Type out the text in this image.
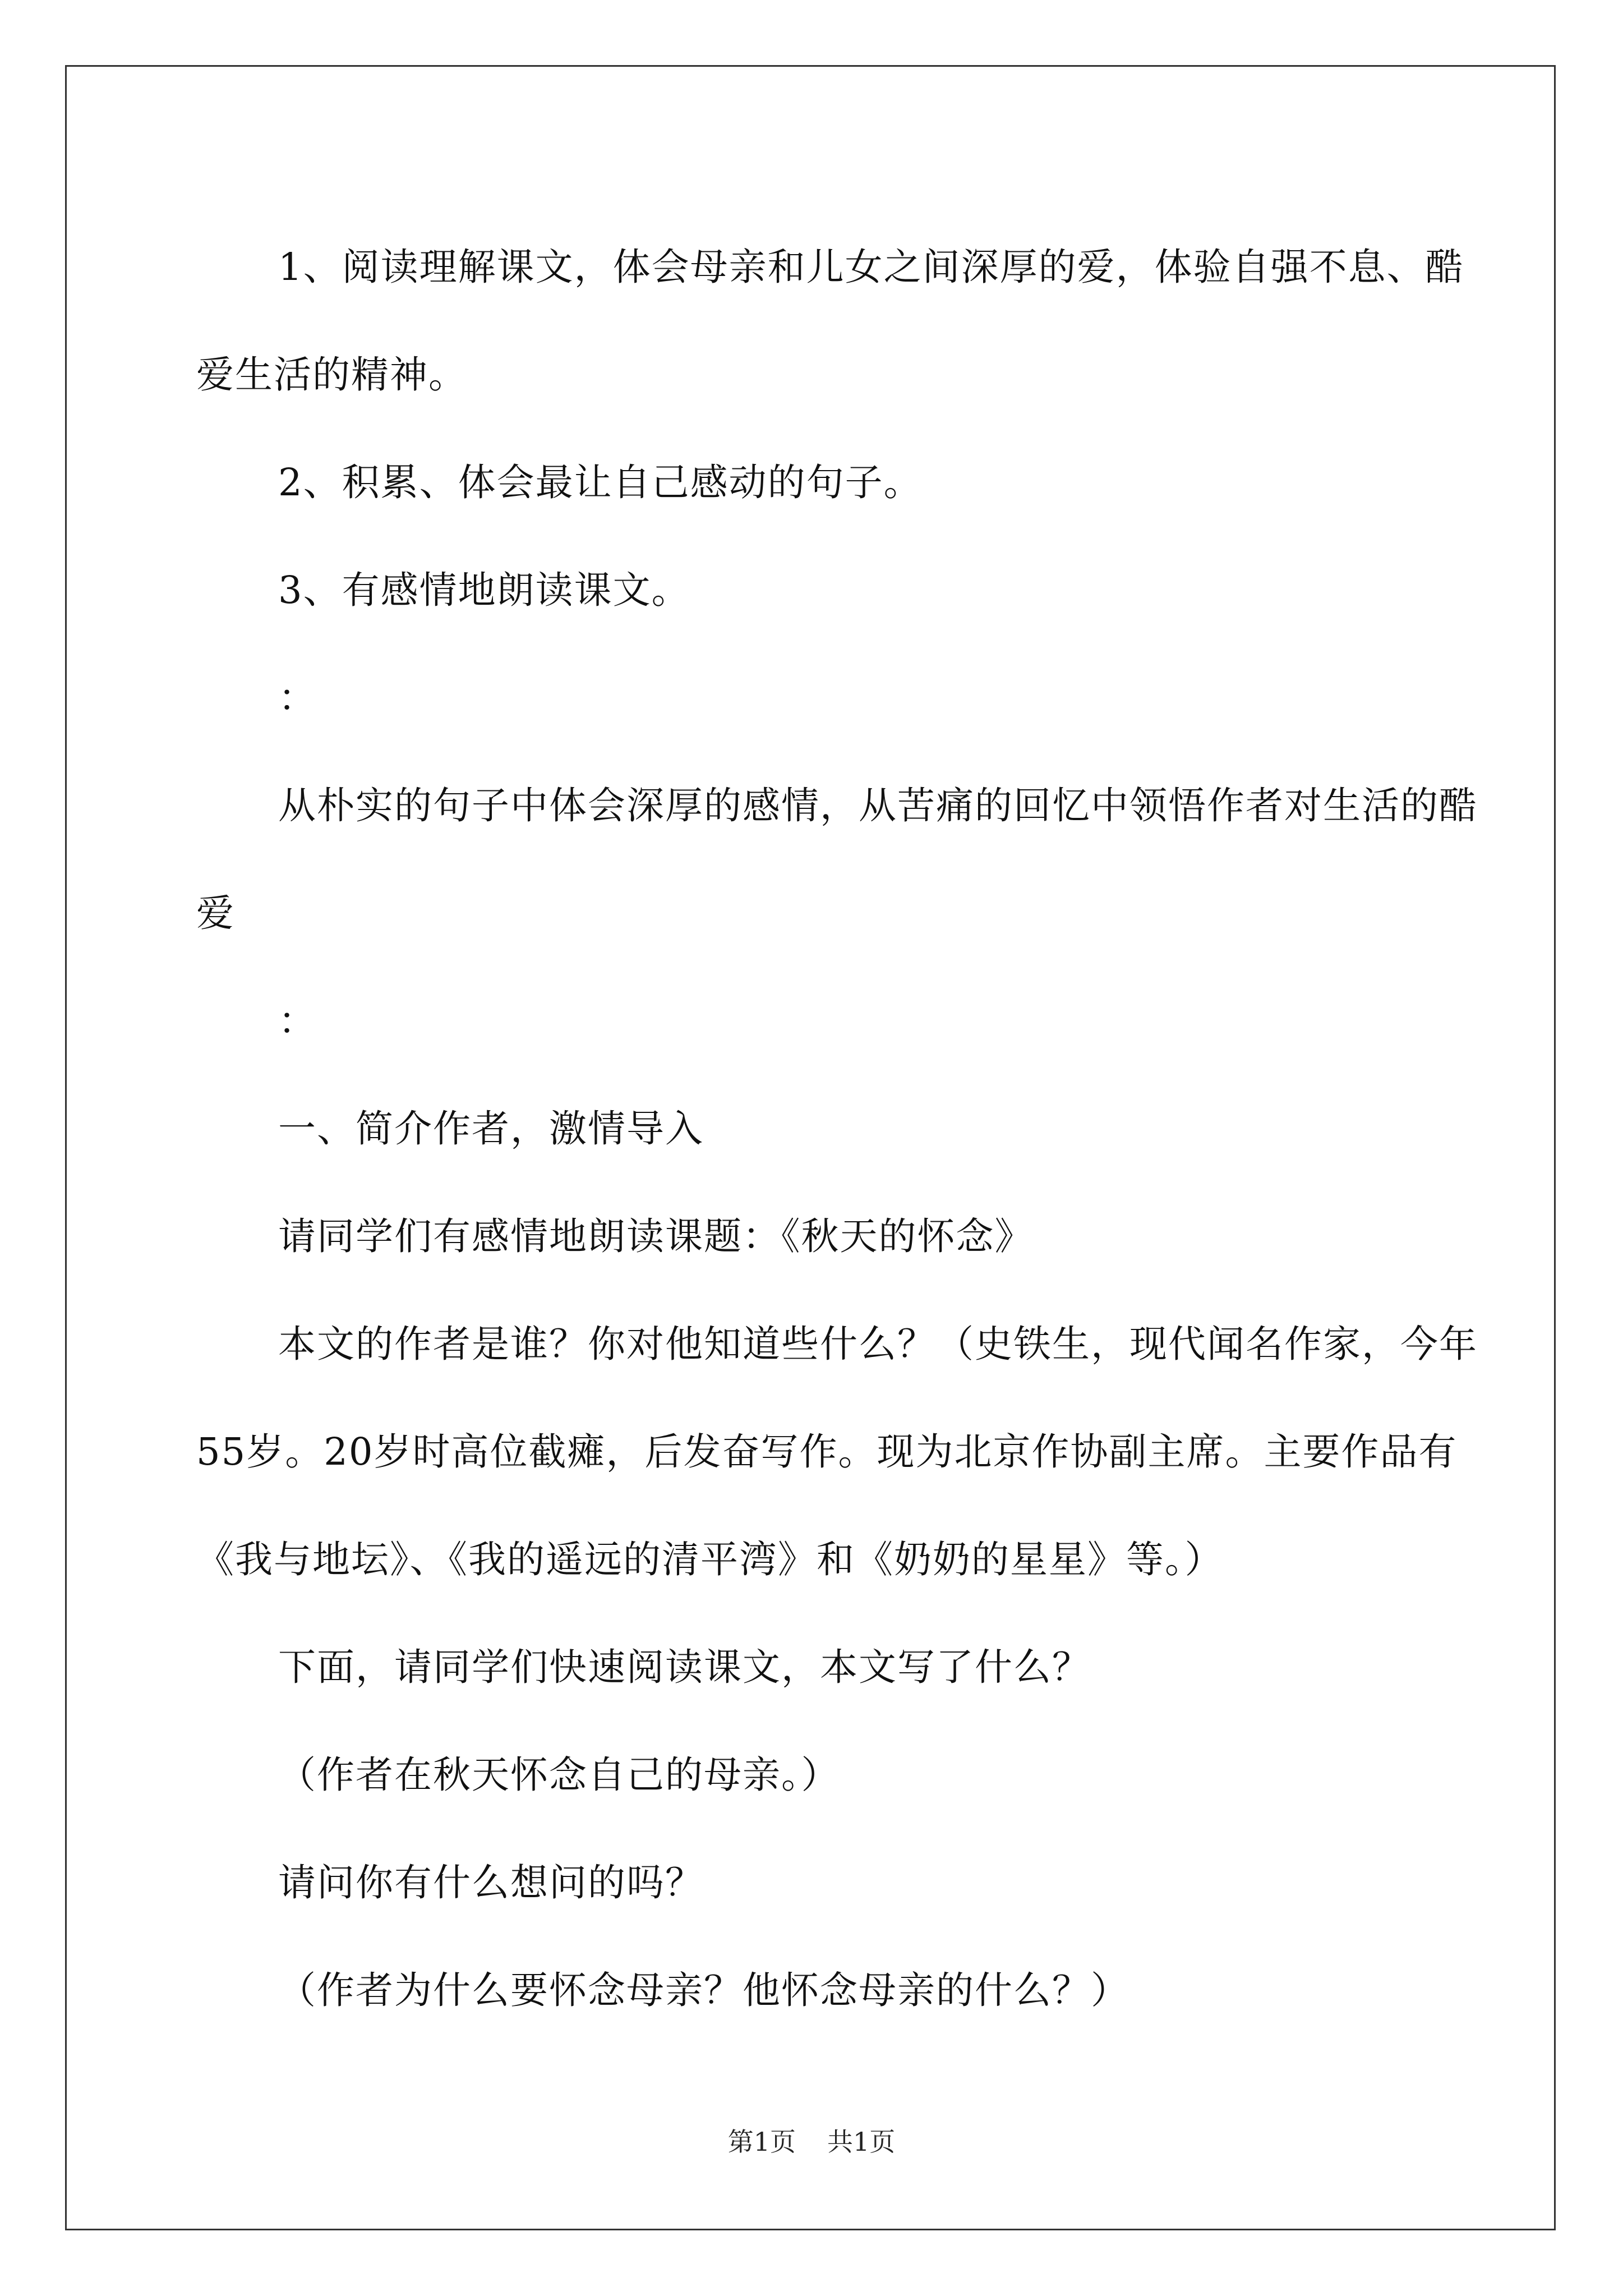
1、阅读理解课文，体会母亲和儿女之间深厚的爱，体验自强不息、酷爱生活的精神。

2、积累、体会最让自己感动的句子。

3、有感情地朗读课文。

：

从朴实的句子中体会深厚的感情，从苦痛的回忆中领悟作者对生活的酷爱

：

一、简介作者，激情导入

请同学们有感情地朗读课题：《秋天的怀念》

本文的作者是谁？你对他知道些什么？（史铁生，现代闻名作家，今年55岁。20岁时高位截瘫，后发奋写作。现为北京作协副主席。主要作品有《我与地坛》、《我的遥远的清平湾》和《奶奶的星星》等。）

下面，请同学们快速阅读课文，本文写了什么？

（作者在秋天怀念自己的母亲。）

请问你有什么想问的吗？

（作者为什么要怀念母亲？他怀念母亲的什么？）

第1页 共1页
